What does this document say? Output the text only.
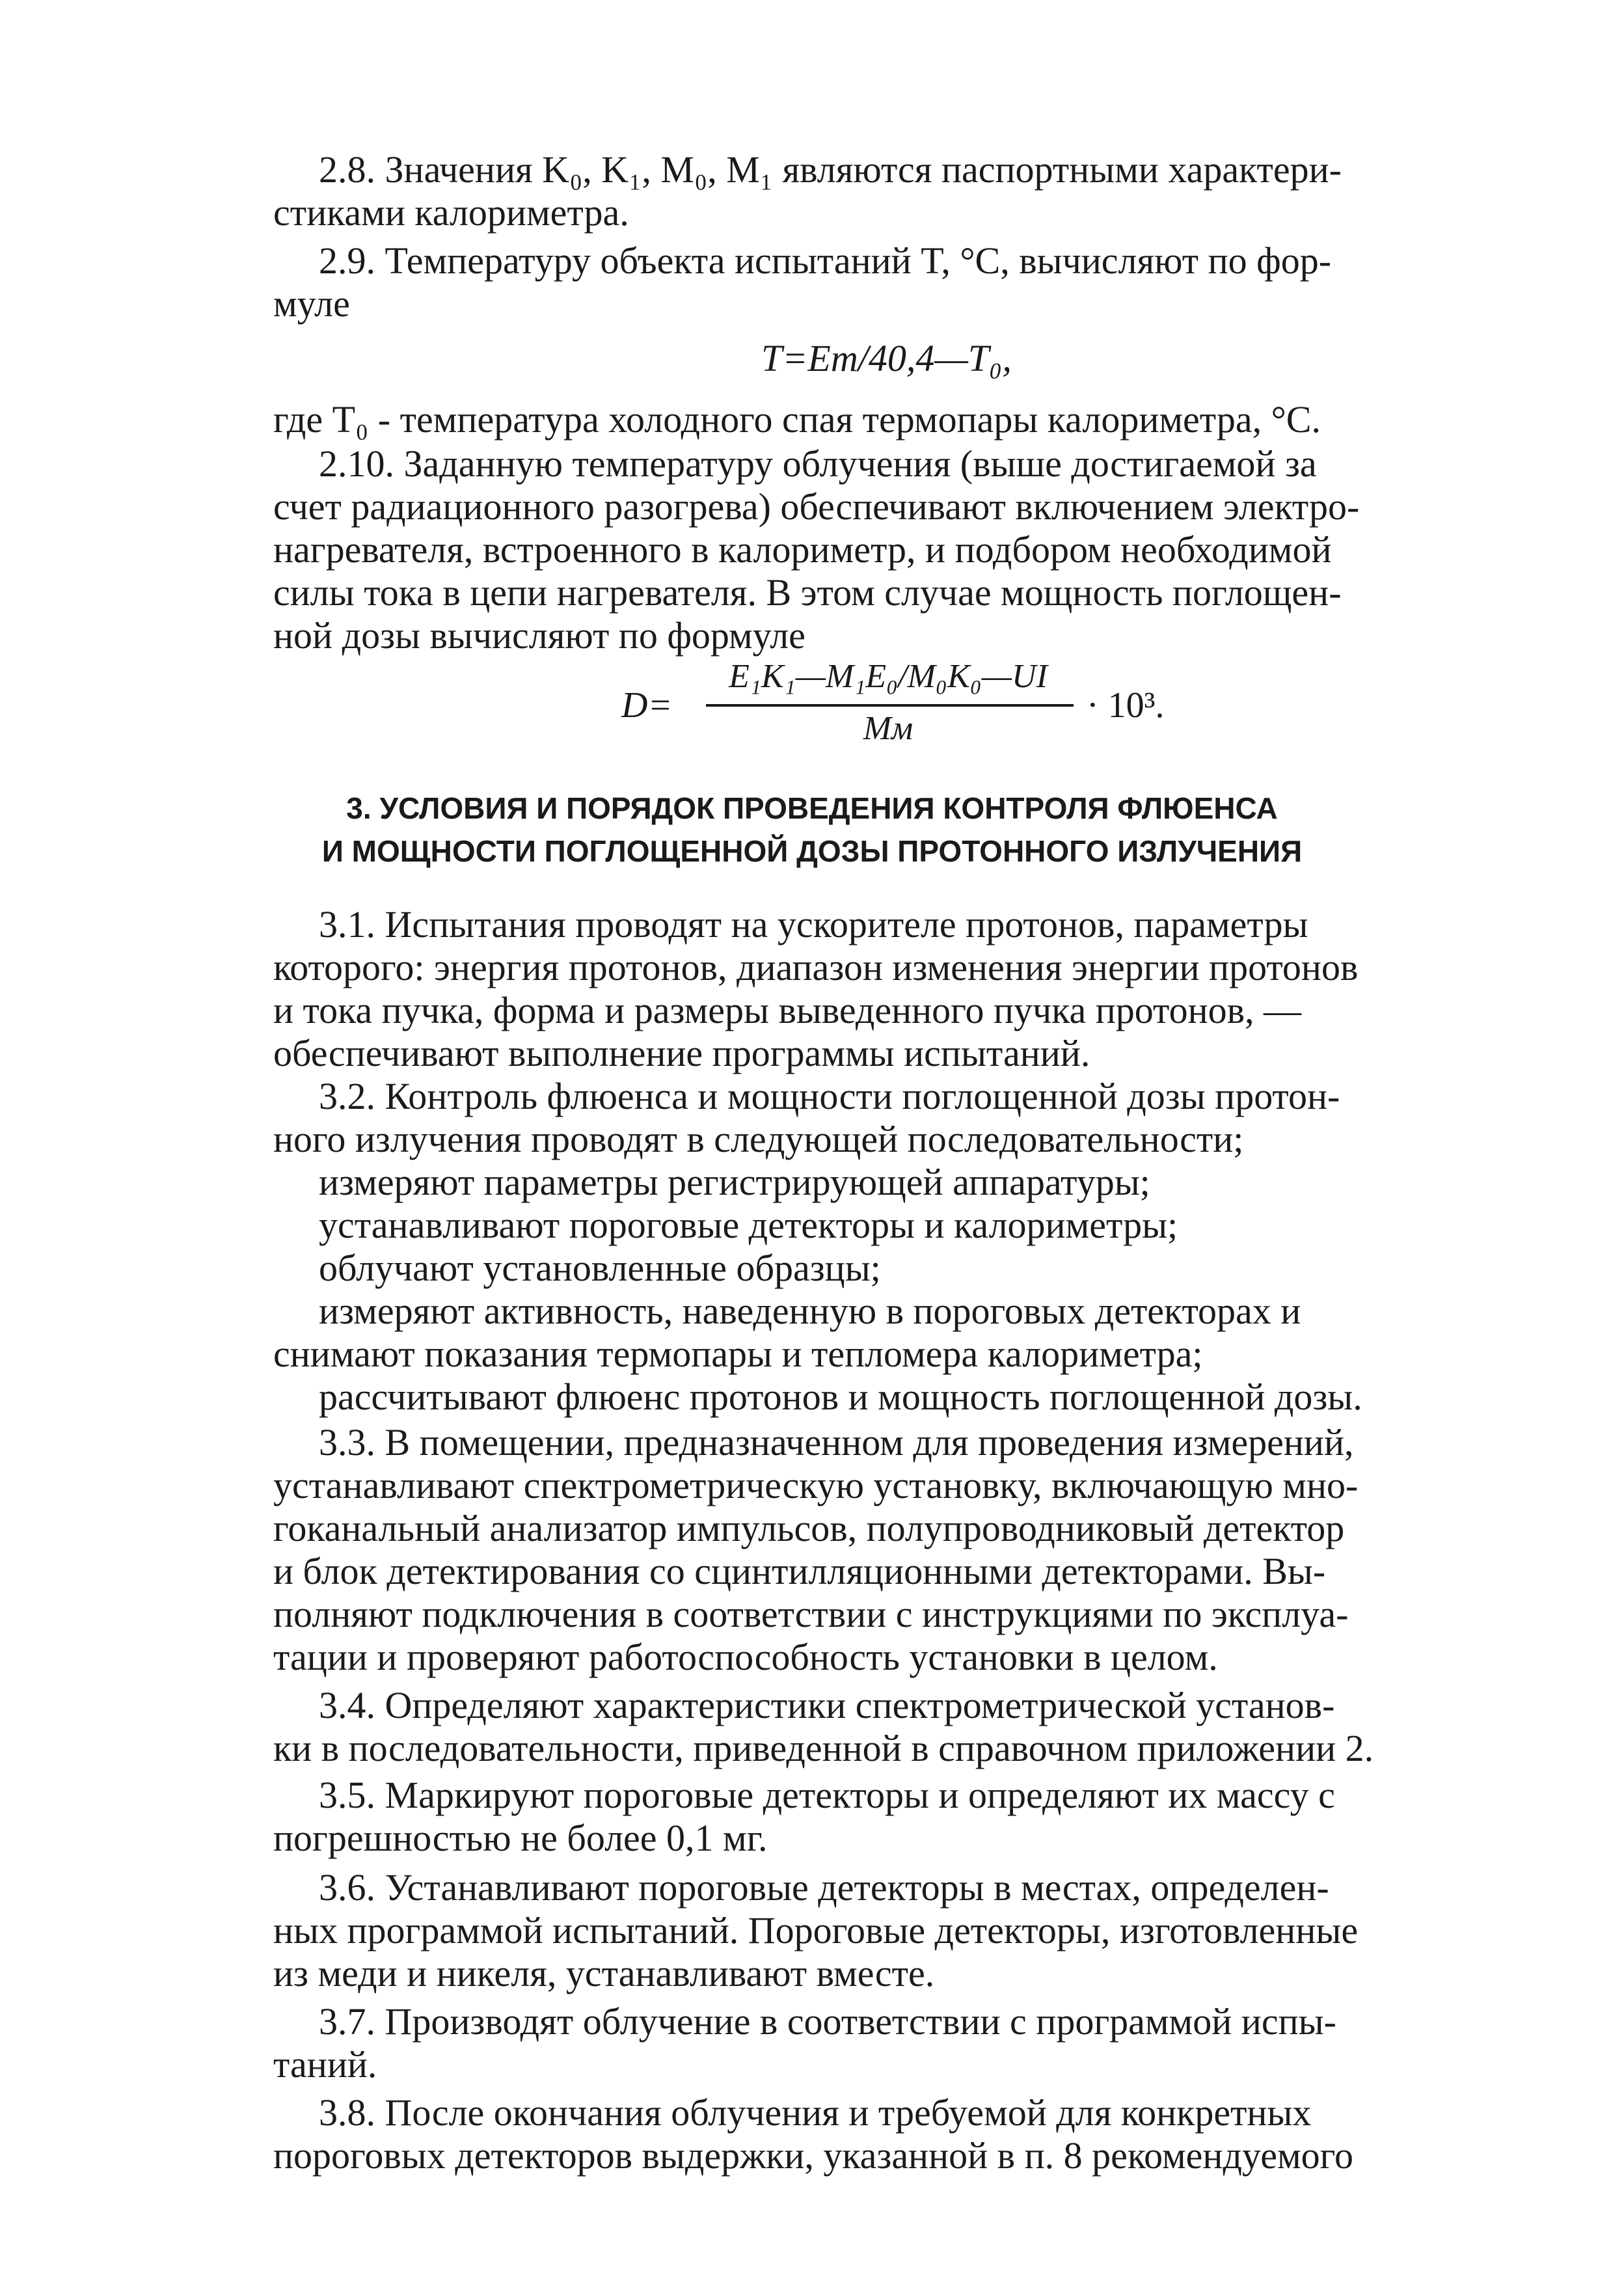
2.8. Значения K₀, K₁, M₀, M₁ являются паспортными характери-
стиками калориметра.
2.9. Температуру объекта испытаний T, °C, вычисляют по фор-
муле
T=Eт/40,4—T₀,
где T₀ - температура холодного спая термопары калориметра, °C.
2.10. Заданную температуру облучения (выше достигаемой за
счет радиационного разогрева) обеспечивают включением электро-
нагревателя, встроенного в калориметр, и подбором необходимой
силы тока в цепи нагревателя. В этом случае мощность поглощен-
ной дозы вычисляют по формуле
D=
E₁K₁—M₁E₀/M₀K₀—UI
Mм
· 10³.
3. УСЛОВИЯ И ПОРЯДОК ПРОВЕДЕНИЯ КОНТРОЛЯ ФЛЮЕНСА
И МОЩНОСТИ ПОГЛОЩЕННОЙ ДОЗЫ ПРОТОННОГО ИЗЛУЧЕНИЯ
3.1. Испытания проводят на ускорителе протонов, параметры
которого: энергия протонов, диапазон изменения энергии протонов
и тока пучка, форма и размеры выведенного пучка протонов, —
обеспечивают выполнение программы испытаний.
3.2. Контроль флюенса и мощности поглощенной дозы протон-
ного излучения проводят в следующей последовательности;
измеряют параметры регистрирующей аппаратуры;
устанавливают пороговые детекторы и калориметры;
облучают установленные образцы;
измеряют активность, наведенную в пороговых детекторах и
снимают показания термопары и тепломера калориметра;
рассчитывают флюенс протонов и мощность поглощенной дозы.
3.3. В помещении, предназначенном для проведения измерений,
устанавливают спектрометрическую установку, включающую мно-
гоканальный анализатор импульсов, полупроводниковый детектор
и блок детектирования со сцинтилляционными детекторами. Вы-
полняют подключения в соответствии с инструкциями по эксплуа-
тации и проверяют работоспособность установки в целом.
3.4. Определяют характеристики спектрометрической установ-
ки в последовательности, приведенной в справочном приложении 2.
3.5. Маркируют пороговые детекторы и определяют их массу с
погрешностью не более 0,1 мг.
3.6. Устанавливают пороговые детекторы в местах, определен-
ных программой испытаний. Пороговые детекторы, изготовленные
из меди и никеля, устанавливают вместе.
3.7. Производят облучение в соответствии с программой испы-
таний.
3.8. После окончания облучения и требуемой для конкретных
пороговых детекторов выдержки, указанной в п. 8 рекомендуемого
